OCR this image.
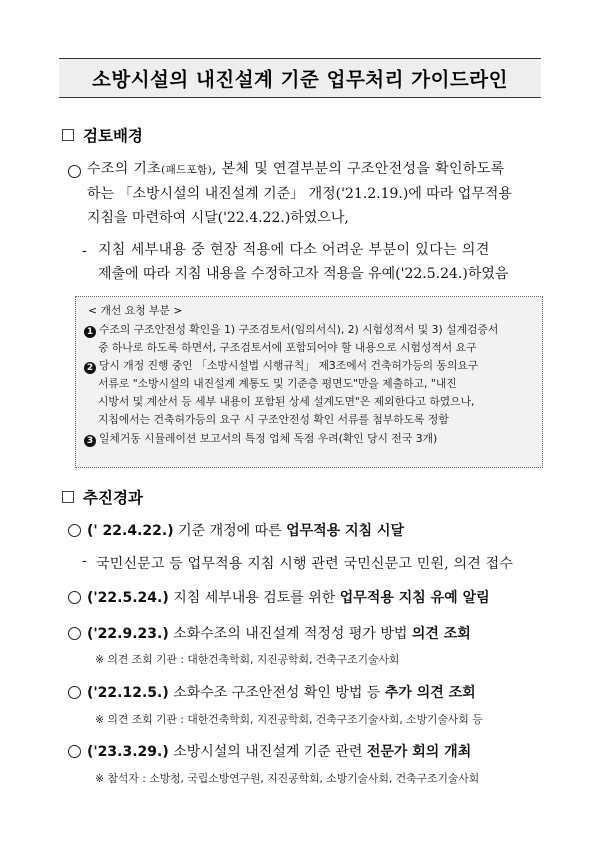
소방시설의 내진설계 기준 업무처리 가이드라인
검토배경
수조의 기초(패드포함), 본체 및 연결부분의 구조안전성을 확인하도록
하는 「소방시설의 내진설계 기준」 개정('21.2.19.)에 따라 업무적용
지침을 마련하여 시달('22.4.22.)하였으나,
- 지침 세부내용 중 현장 적용에 다소 어려운 부분이 있다는 의견
제출에 따라 지침 내용을 수정하고자 적용을 유예('22.5.24.)하였음
< 개선 요청 부분 >
1 수조의 구조안전성 확인을 1) 구조검토서(임의서식), 2) 시험성적서 및 3) 설계검증서
중 하나로 하도록 하면서, 구조검토서에 포함되어야 할 내용으로 시험성적서 요구
2 당시 개정 진행 중인 「소방시설법 시행규칙」 제3조에서 건축허가등의 동의요구
서류로 "소방시설의 내진설계 계통도 및 기준층 평면도"만을 제출하고, "내진
시방서 및 계산서 등 세부 내용이 포함된 상세 설계도면"은 제외한다고 하였으나,
지침에서는 건축허가등의 요구 시 구조안전성 확인 서류를 첨부하도록 정함
3 일체거동 시뮬레이션 보고서의 특정 업체 독점 우려(확인 당시 전국 3개)
추진경과
(' 22.4.22.) 기준 개정에 따른 업무적용 지침 시달
- 국민신문고 등 업무적용 지침 시행 관련 국민신문고 민원, 의견 접수
('22.5.24.) 지침 세부내용 검토를 위한 업무적용 지침 유예 알림
('22.9.23.) 소화수조의 내진설계 적정성 평가 방법 의견 조회
※ 의견 조회 기관 : 대한건축학회, 지진공학회, 건축구조기술사회
('22.12.5.) 소화수조 구조안전성 확인 방법 등 추가 의견 조회
※ 의견 조회 기관 : 대한건축학회, 지진공학회, 건축구조기술사회, 소방기술사회 등
('23.3.29.) 소방시설의 내진설계 기준 관련 전문가 회의 개최
※ 참석자 : 소방청, 국립소방연구원, 지진공학회, 소방기술사회, 건축구조기술사회
